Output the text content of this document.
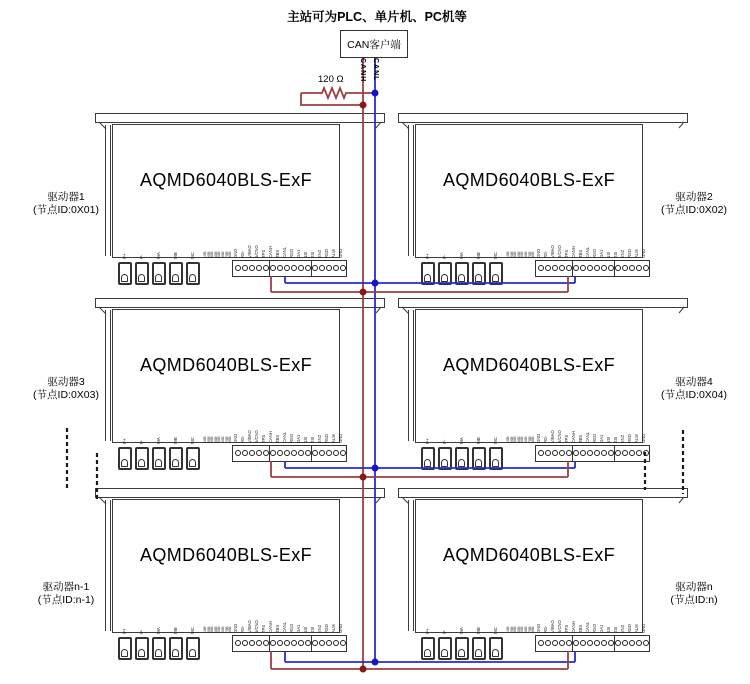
AQMD6040BLS-ExF
P+	P-	MA	MB	MC 1SB 2SB 3SB 4SB 5SB 6SB 7SB 8SB GND RS- V/BAO 5/CNO TPS CANH ZBS CANL RSO GA1 1SI 2SI EN2 RSD ALM GND
AQMD6040BLS-ExF
P+	P-	MA	MB	MC 1SB 2SB 3SB 4SB 5SB 6SB 7SB 8SB GND RS- V/BAO 5/CNO TPS CANH ZBS CANL RSO GA1 1SI 2SI EN2 RSD ALM GND
AQMD6040BLS-ExF
P+	P-	MA	MB	MC 1SB 2SB 3SB 4SB 5SB 6SB 7SB 8SB GND RS- V/BAO 5/CNO TPS CANH ZBS CANL RSO GA1 1SI 2SI EN2 RSD ALM GND
AQMD6040BLS-ExF
P+	P-	MA	MB	MC 1SB 2SB 3SB 4SB 5SB 6SB 7SB 8SB GND RS- V/BAO 5/CNO TPS CANH ZBS CANL RSO GA1 1SI 2SI EN2 RSD ALM GND
AQMD6040BLS-ExF
P+	P-	MA	MB	MC 1SB 2SB 3SB 4SB 5SB 6SB 7SB 8SB GND RS- V/BAO 5/CNO TPS CANH ZBS CANL RSO GA1 1SI 2SI EN2 RSD ALM GND
AQMD6040BLS-ExF
P+	P-	MA	MB	MC 1SB 2SB 3SB 4SB 5SB 6SB 7SB 8SB GND RS- V/BAO 5/CNO TPS CANH ZBS CANL RSO GA1 1SI 2SI EN2 RSD ALM GND
驱动器1
(节点ID:0X01)
驱动器2
(节点ID:0X02)
驱动器3
(节点ID:0X03)
驱动器4
(节点ID:0X04)
驱动器n-1
(节点ID:n-1)
驱动器n
(节点ID:n)
主站可为PLC、单片机、PC机等
CAN客户端
CANH CANL
120 Ω
